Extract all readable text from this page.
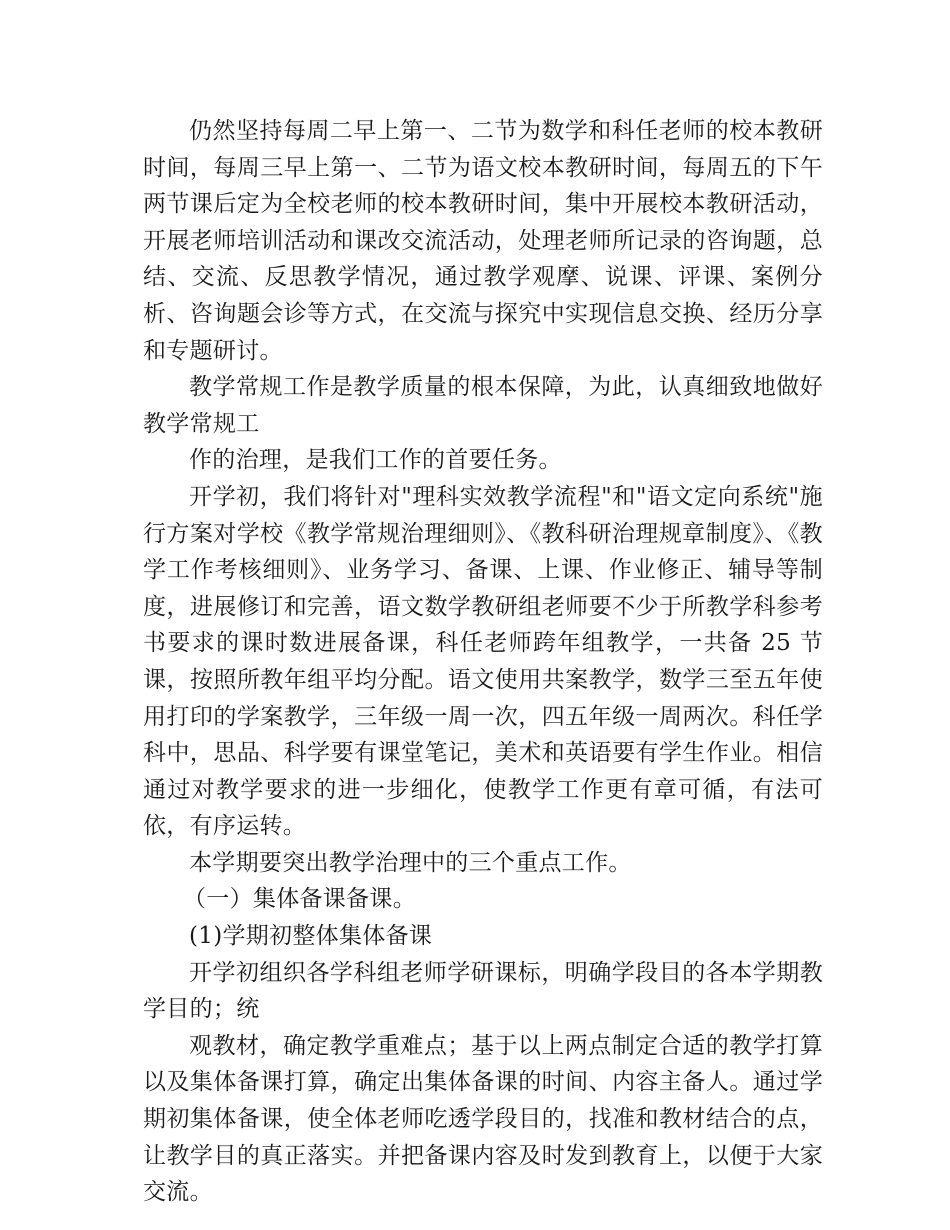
仍然坚持每周二早上第一、二节为数学和科任老师的校本教研时间，每周三早上第一、二节为语文校本教研时间，每周五的下午两节课后定为全校老师的校本教研时间，集中开展校本教研活动，开展老师培训活动和课改交流活动，处理老师所记录的咨询题，总结、交流、反思教学情况，通过教学观摩、说课、评课、案例分析、咨询题会诊等方式，在交流与探究中实现信息交换、经历分享和专题研讨。

教学常规工作是教学质量的根本保障，为此，认真细致地做好教学常规工

作的治理，是我们工作的首要任务。

开学初，我们将针对"理科实效教学流程"和"语文定向系统"施行方案对学校《教学常规治理细则》、《教科研治理规章制度》、《教学工作考核细则》、业务学习、备课、上课、作业修正、辅导等制度，进展修订和完善，语文数学教研组老师要不少于所教学科参考书要求的课时数进展备课，科任老师跨年组教学，一共备 25 节课，按照所教年组平均分配。语文使用共案教学，数学三至五年使用打印的学案教学，三年级一周一次，四五年级一周两次。科任学科中，思品、科学要有课堂笔记，美术和英语要有学生作业。相信通过对教学要求的进一步细化，使教学工作更有章可循，有法可依，有序运转。

本学期要突出教学治理中的三个重点工作。

（一）集体备课备课。

(1)学期初整体集体备课

开学初组织各学科组老师学研课标，明确学段目的各本学期教学目的；统

观教材，确定教学重难点；基于以上两点制定合适的教学打算以及集体备课打算，确定出集体备课的时间、内容主备人。通过学期初集体备课，使全体老师吃透学段目的，找准和教材结合的点，让教学目的真正落实。并把备课内容及时发到教育上，以便于大家交流。
